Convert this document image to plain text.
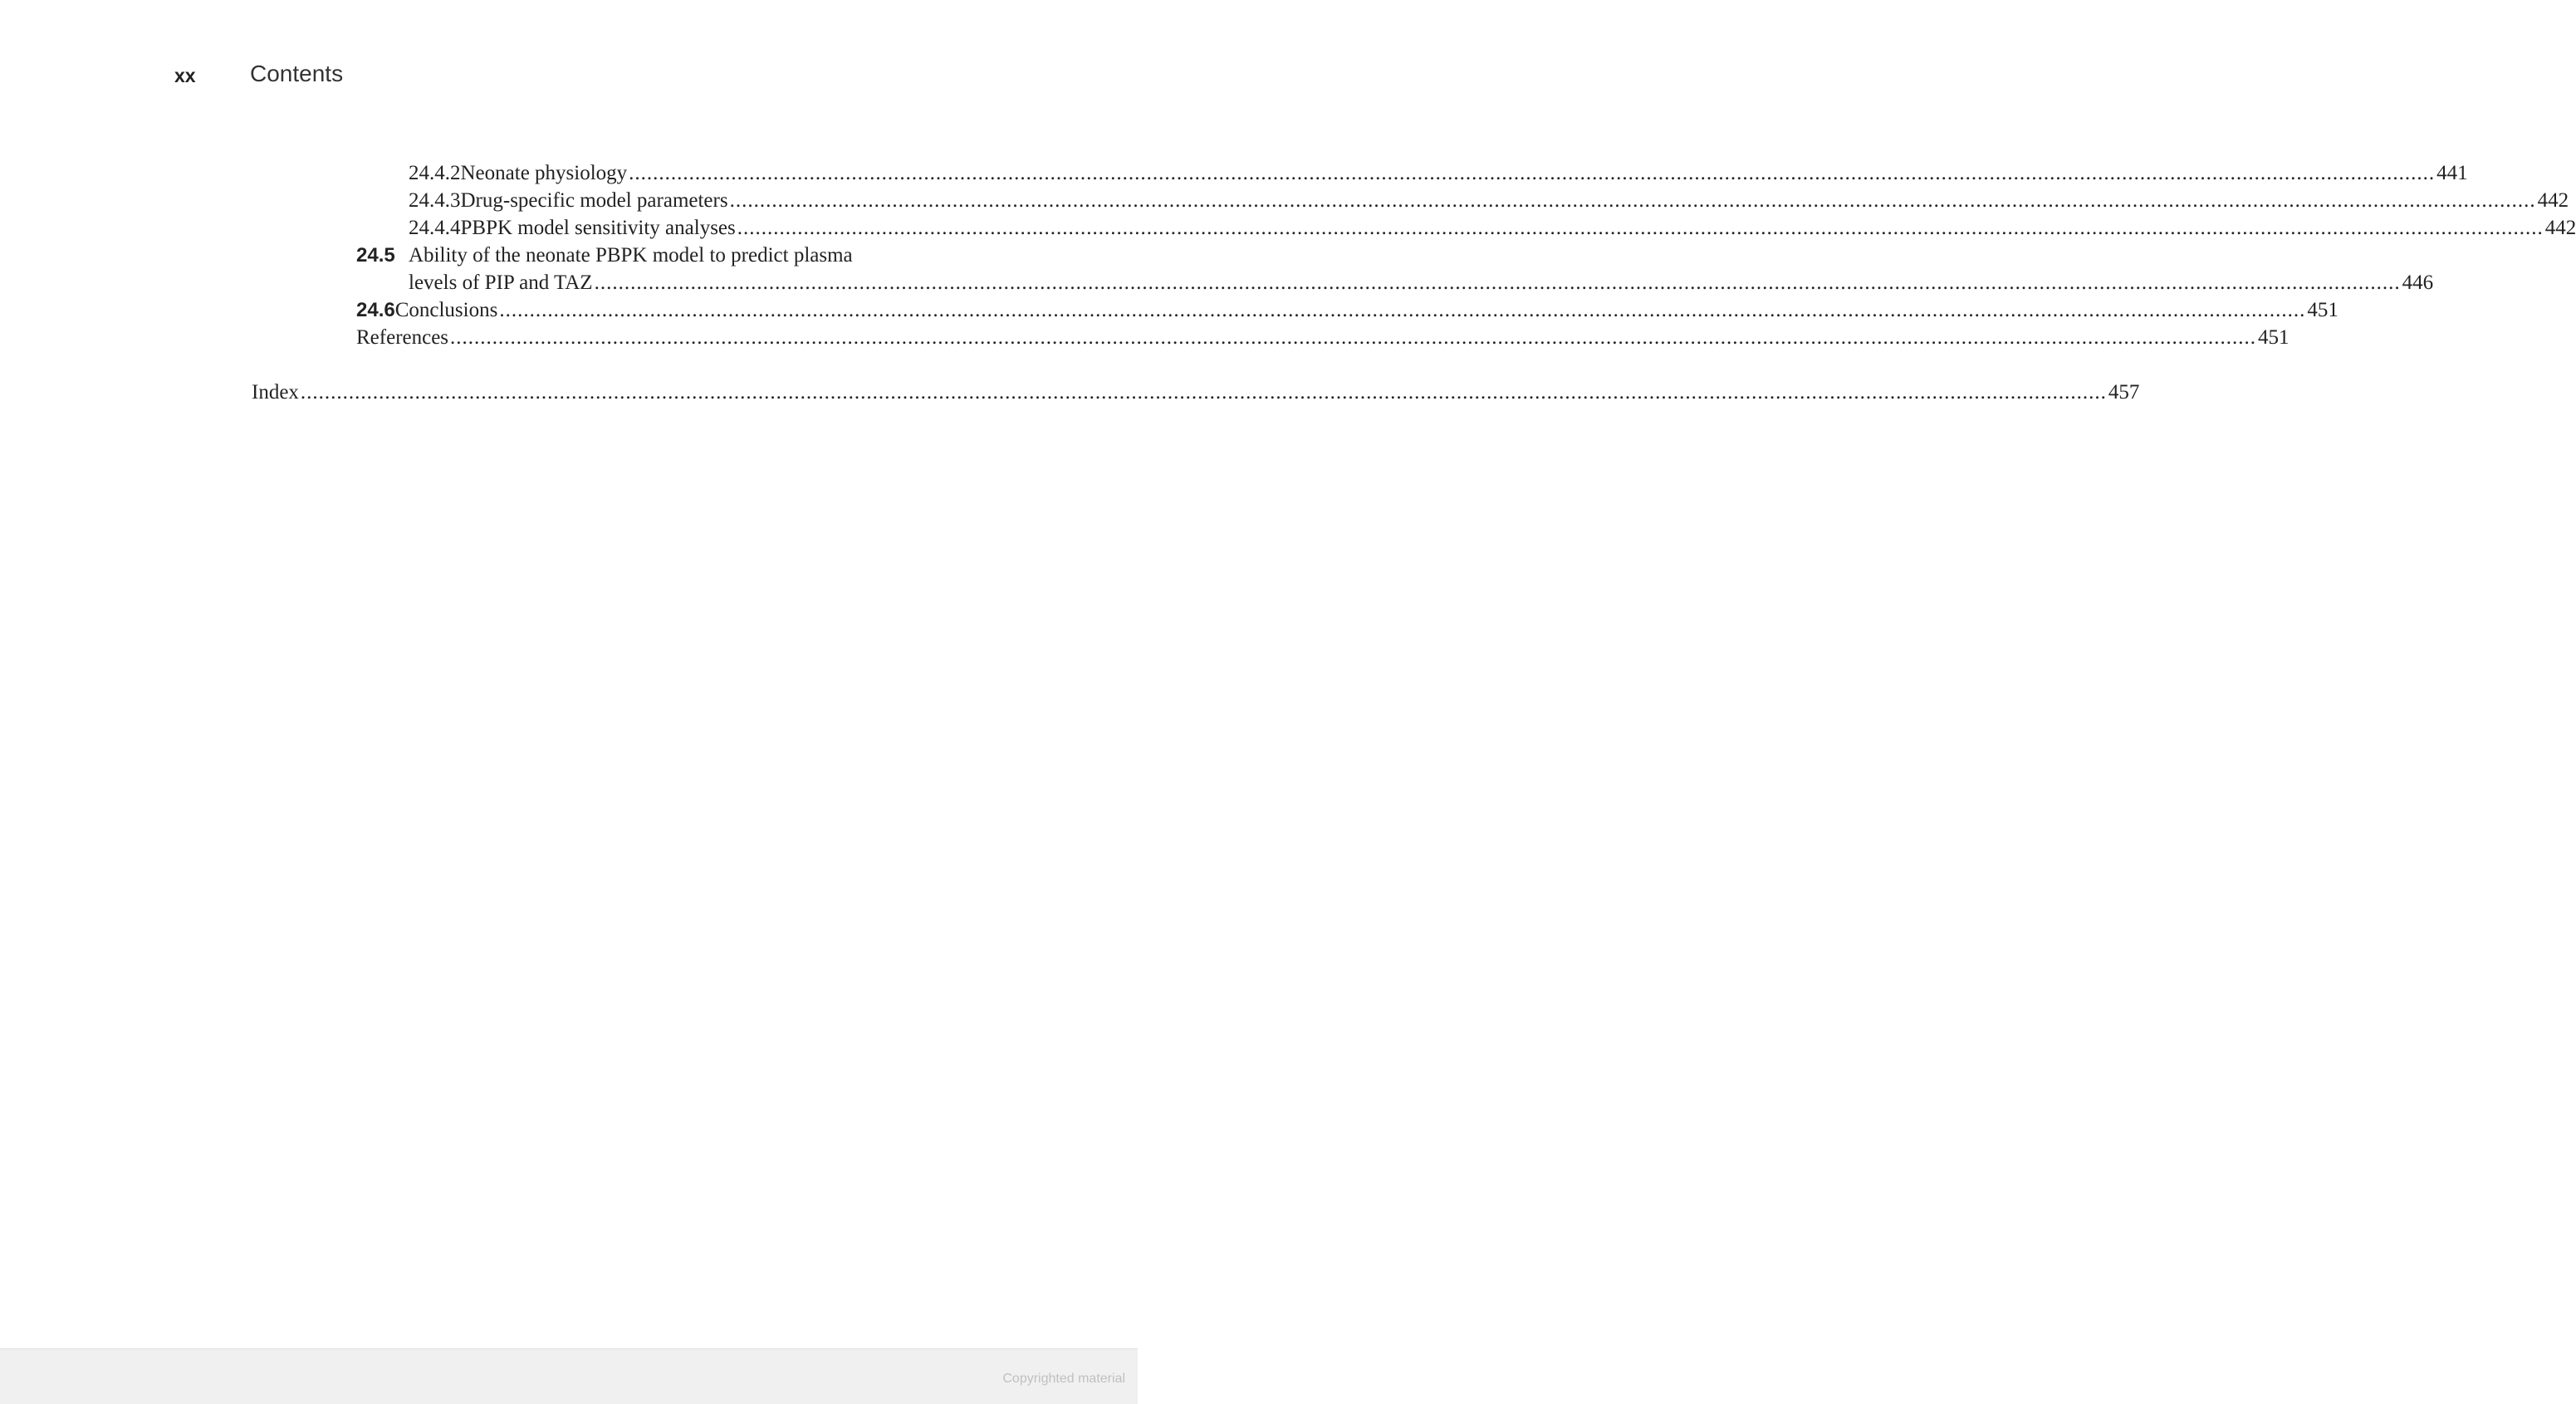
xx Contents
24.4.2 Neonate physiology ............................................................................................................................................................................................................................................................................................................ 441
24.4.3 Drug-specific model parameters ............................................................................................................................................................................................................................................................................................................ 442
24.4.4 PBPK model sensitivity analyses ............................................................................................................................................................................................................................................................................................................ 442
24.5 Ability of the neonate PBPK model to predict plasma
levels of PIP and TAZ ............................................................................................................................................................................................................................................................................................................ 446
24.6 Conclusions ............................................................................................................................................................................................................................................................................................................ 451
References ............................................................................................................................................................................................................................................................................................................ 451
Index ............................................................................................................................................................................................................................................................................................................ 457
Copyrighted material
